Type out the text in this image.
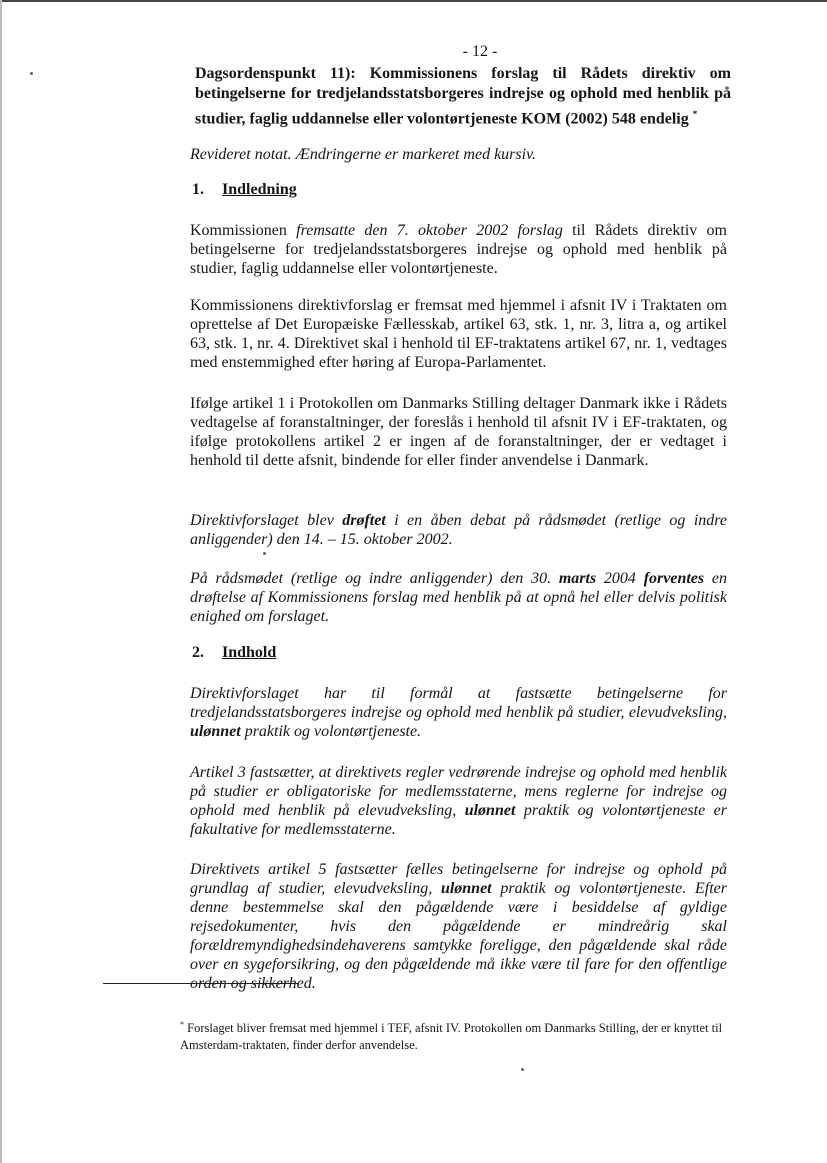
- 12 -
Dagsordenspunkt 11): Kommissionens forslag til Rådets direktiv om betingelserne for tredjelandsstatsborgeres indrejse og ophold med henblik på studier, faglig uddannelse eller volontørtjeneste KOM (2002) 548 endelig *
Revideret notat. Ændringerne er markeret med kursiv.
1. Indledning
Kommissionen fremsatte den 7. oktober 2002 forslag til Rådets direktiv om betingelserne for tredjelandsstatsborgeres indrejse og ophold med henblik på studier, faglig uddannelse eller volontørtjeneste.
Kommissionens direktivforslag er fremsat med hjemmel i afsnit IV i Traktaten om oprettelse af Det Europæiske Fællesskab, artikel 63, stk. 1, nr. 3, litra a, og artikel 63, stk. 1, nr. 4. Direktivet skal i henhold til EF-traktatens artikel 67, nr. 1, vedtages med enstemmighed efter høring af Europa-Parlamentet.
Ifølge artikel 1 i Protokollen om Danmarks Stilling deltager Danmark ikke i Rådets vedtagelse af foranstaltninger, der foreslås i henhold til afsnit IV i EF-traktaten, og ifølge protokollens artikel 2 er ingen af de foranstaltninger, der er vedtaget i henhold til dette afsnit, bindende for eller finder anvendelse i Danmark.
Direktivforslaget blev drøftet i en åben debat på rådsmødet (retlige og indre anliggender) den 14. – 15. oktober 2002.
På rådsmødet (retlige og indre anliggender) den 30. marts 2004 forventes en drøftelse af Kommissionens forslag med henblik på at opnå hel eller delvis politisk enighed om forslaget.
2. Indhold
Direktivforslaget har til formål at fastsætte betingelserne for tredjelandsstatsborgeres indrejse og ophold med henblik på studier, elevudveksling, ulønnet praktik og volontørtjeneste.
Artikel 3 fastsætter, at direktivets regler vedrørende indrejse og ophold med henblik på studier er obligatoriske for medlemsstaterne, mens reglerne for indrejse og ophold med henblik på elevudveksling, ulønnet praktik og volontørtjeneste er fakultative for medlemsstaterne.
Direktivets artikel 5 fastsætter fælles betingelserne for indrejse og ophold på grundlag af studier, elevudveksling, ulønnet praktik og volontørtjeneste. Efter denne bestemmelse skal den pågældende være i besiddelse af gyldige rejsedokumenter, hvis den pågældende er mindreårig skal forældremyndighedsindehaverens samtykke foreligge, den pågældende skal råde over en sygeforsikring, og den pågældende må ikke være til fare for den offentlige orden og sikkerhed.
* Forslaget bliver fremsat med hjemmel i TEF, afsnit IV. Protokollen om Danmarks Stilling, der er knyttet til Amsterdam-traktaten, finder derfor anvendelse.
